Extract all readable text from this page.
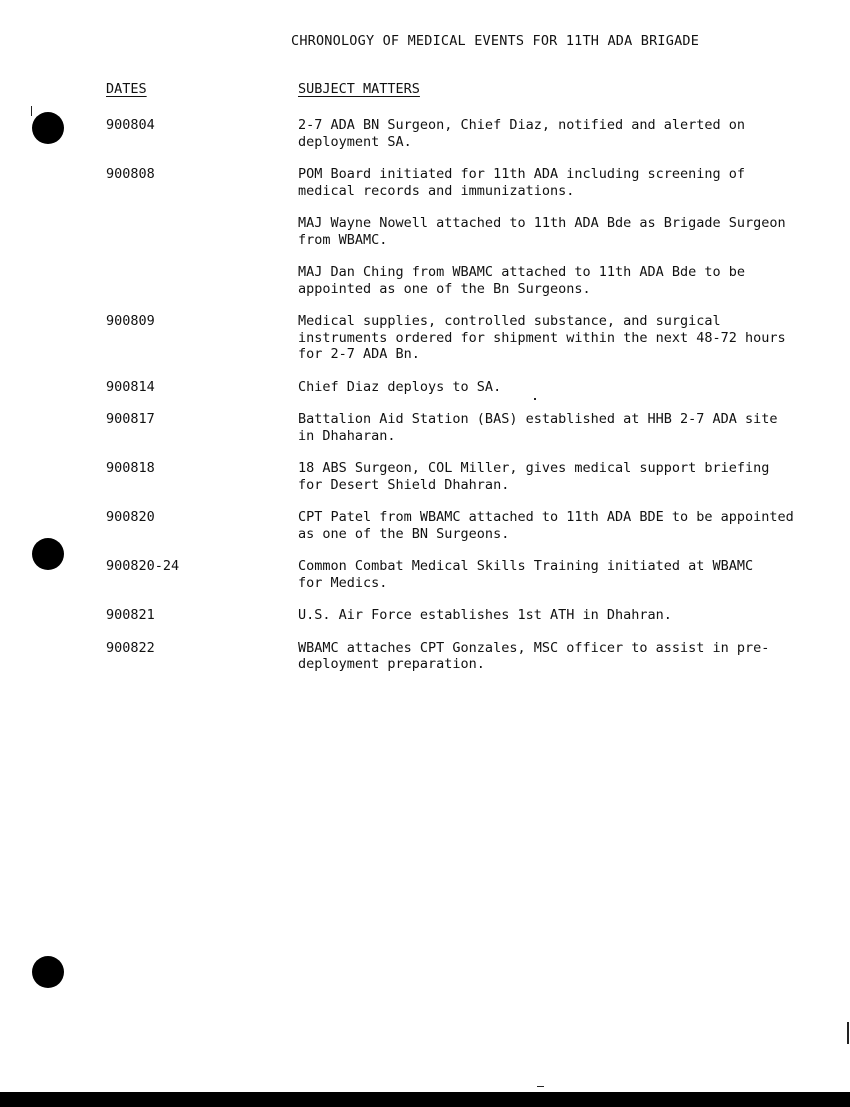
CHRONOLOGY OF MEDICAL EVENTS FOR 11TH ADA BRIGADE
DATES	SUBJECT MATTERS
900804	2-7 ADA BN Surgeon, Chief Diaz, notified and alerted on
deployment SA.
900808	POM Board initiated for 11th ADA including screening of
medical records and immunizations.
MAJ Wayne Nowell attached to 11th ADA Bde as Brigade Surgeon
from WBAMC.
MAJ Dan Ching from WBAMC attached to 11th ADA Bde to be
appointed as one of the Bn Surgeons.
900809	Medical supplies, controlled substance, and surgical
instruments ordered for shipment within the next 48-72 hours
for 2-7 ADA Bn.
900814	Chief Diaz deploys to SA.
900817	Battalion Aid Station (BAS) established at HHB 2-7 ADA site
in Dhaharan.
900818	18 ABS Surgeon, COL Miller, gives medical support briefing
for Desert Shield Dhahran.
900820	CPT Patel from WBAMC attached to 11th ADA BDE to be appointed
as one of the BN Surgeons.
900820-24	Common Combat Medical Skills Training initiated at WBAMC
for Medics.
900821	U.S. Air Force establishes 1st ATH in Dhahran.
900822	WBAMC attaches CPT Gonzales, MSC officer to assist in pre-
deployment preparation.
